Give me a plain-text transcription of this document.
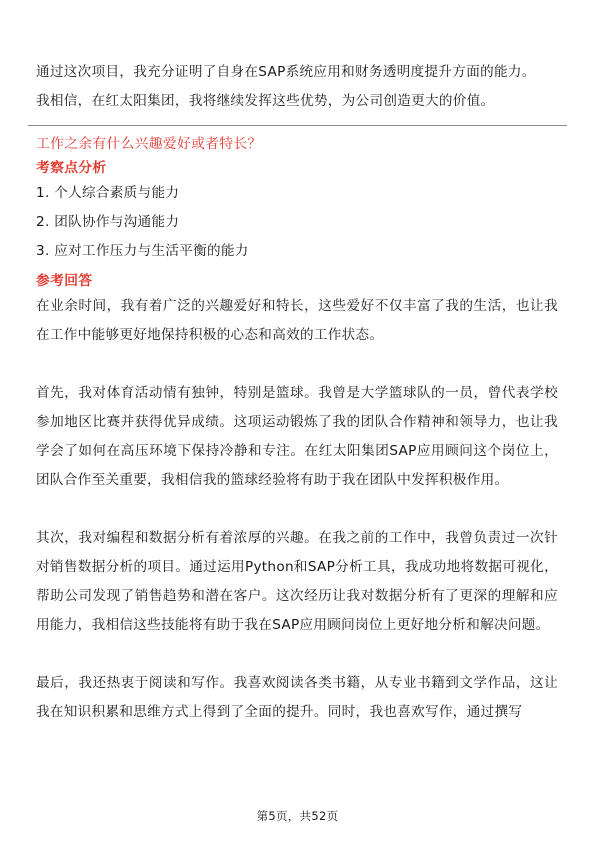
通过这次项目，我充分证明了自身在SAP系统应用和财务透明度提升方面的能力。

我相信，在红太阳集团，我将继续发挥这些优势，为公司创造更大的价值。

工作之余有什么兴趣爱好或者特长？

考察点分析

1. 个人综合素质与能力
2. 团队协作与沟通能力
3. 应对工作压力与生活平衡的能力

参考回答

在业余时间，我有着广泛的兴趣爱好和特长，这些爱好不仅丰富了我的生活，也让我在工作中能够更好地保持积极的心态和高效的工作状态。

首先，我对体育活动情有独钟，特别是篮球。我曾是大学篮球队的一员，曾代表学校参加地区比赛并获得优异成绩。这项运动锻炼了我的团队合作精神和领导力，也让我学会了如何在高压环境下保持冷静和专注。在红太阳集团SAP应用顾问这个岗位上，团队合作至关重要，我相信我的篮球经验将有助于我在团队中发挥积极作用。

其次，我对编程和数据分析有着浓厚的兴趣。在我之前的工作中，我曾负责过一次针对销售数据分析的项目。通过运用Python和SAP分析工具，我成功地将数据可视化，帮助公司发现了销售趋势和潜在客户。这次经历让我对数据分析有了更深的理解和应用能力，我相信这些技能将有助于我在SAP应用顾问岗位上更好地分析和解决问题。

最后，我还热衷于阅读和写作。我喜欢阅读各类书籍，从专业书籍到文学作品，这让我在知识积累和思维方式上得到了全面的提升。同时，我也喜欢写作，通过撰写

第5页，共52页
